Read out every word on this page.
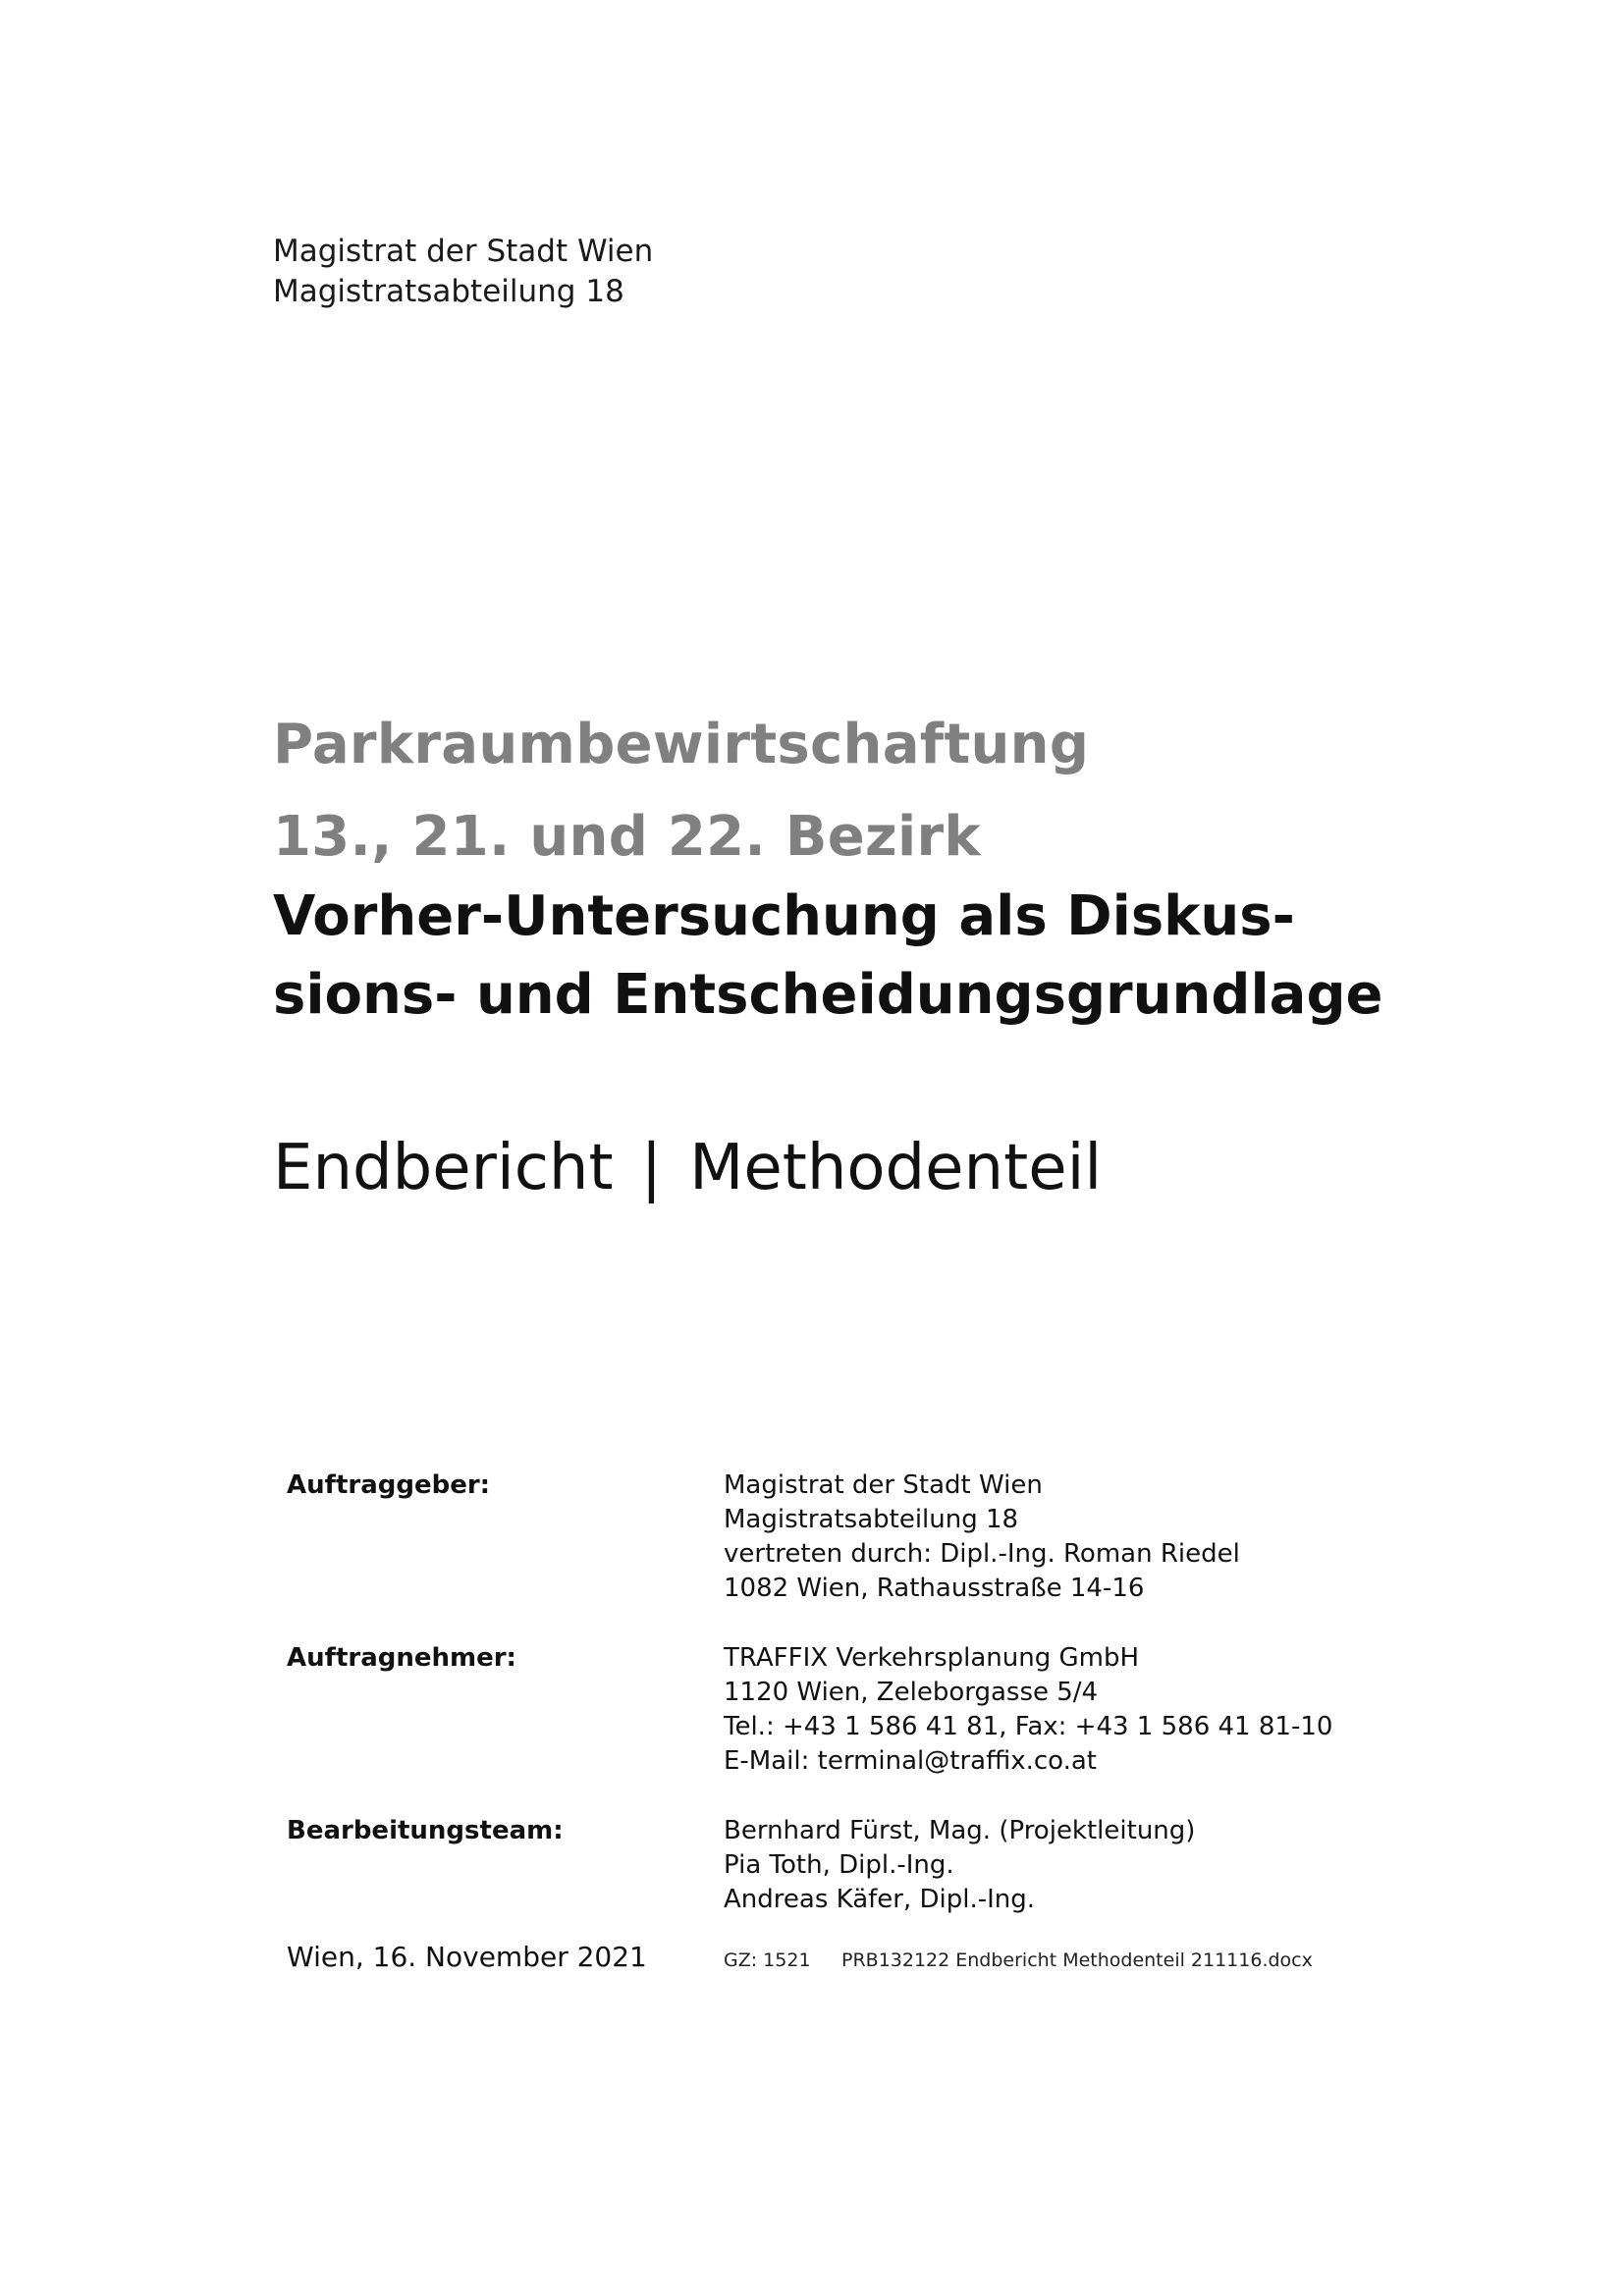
Magistrat der Stadt Wien
Magistratsabteilung 18
Parkraumbewirtschaftung
13., 21. und 22. Bezirk
Vorher-Untersuchung als Diskus-
sions- und Entscheidungsgrundlage
Endbericht | Methodenteil
Auftraggeber:	Magistrat der Stadt Wien
Magistratsabteilung 18
vertreten durch: Dipl.-Ing. Roman Riedel
1082 Wien, Rathausstraße 14-16
Auftragnehmer:	TRAFFIX Verkehrsplanung GmbH
1120 Wien, Zeleborgasse 5/4
Tel.: +43 1 586 41 81, Fax: +43 1 586 41 81-10
E-Mail: terminal@traffix.co.at
Bearbeitungsteam:	Bernhard Fürst, Mag. (Projektleitung)
Pia Toth, Dipl.-Ing.
Andreas Käfer, Dipl.-Ing.
Wien, 16. November 2021	GZ: 1521 PRB132122 Endbericht Methodenteil 211116.docx
